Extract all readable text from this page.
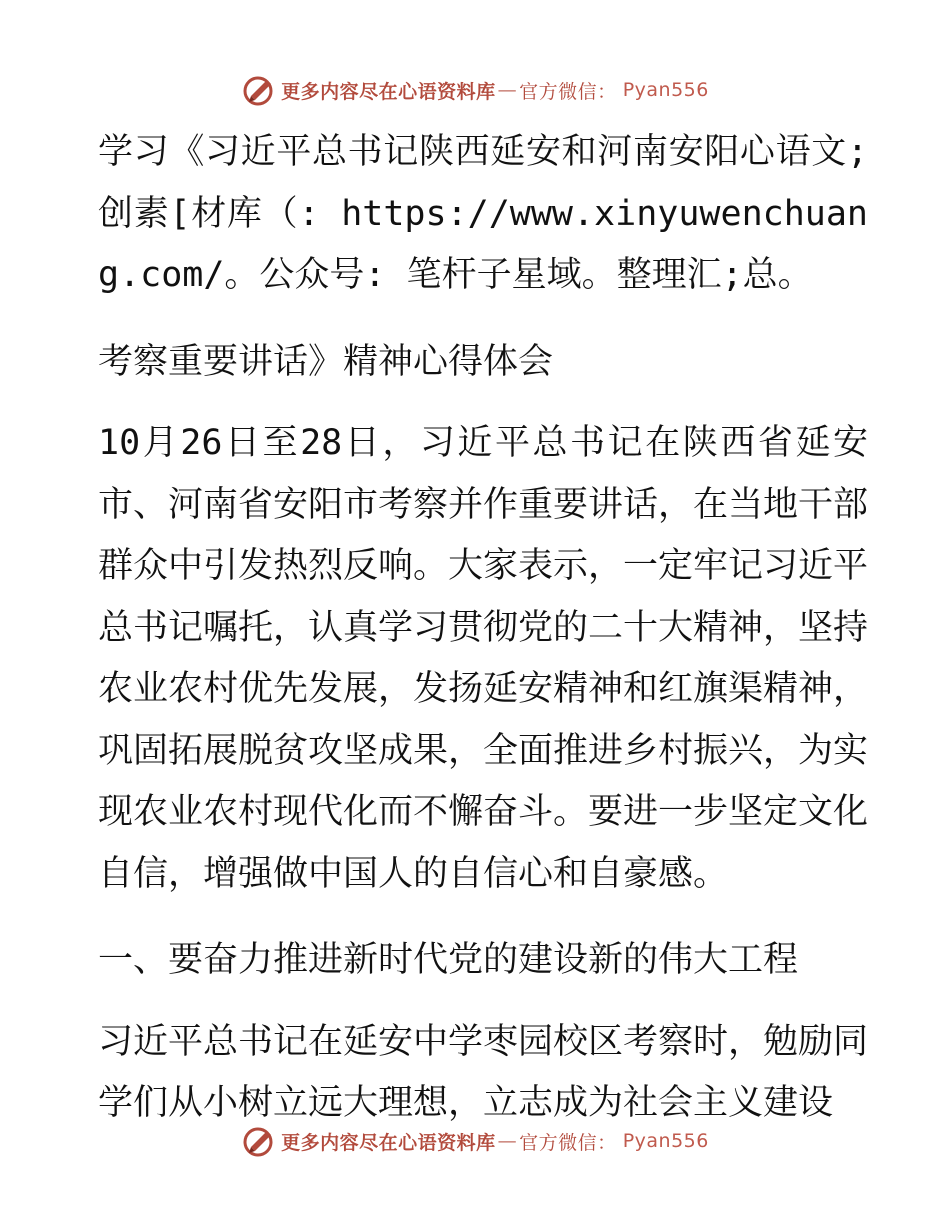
更多内容尽在心语资料库 — 官方微信： Pyan556

学习《习近平总书记陕西延安和河南安阳心语文;创素[材库（: https://www.xinyuwenchuang.com/。公众号: 笔杆子星域。整理汇;总。

考察重要讲话》精神心得体会

10月26日至28日，习近平总书记在陕西省延安市、河南省安阳市考察并作重要讲话，在当地干部群众中引发热烈反响。大家表示，一定牢记习近平总书记嘱托，认真学习贯彻党的二十大精神，坚持农业农村优先发展，发扬延安精神和红旗渠精神，巩固拓展脱贫攻坚成果，全面推进乡村振兴，为实现农业农村现代化而不懈奋斗。要进一步坚定文化自信，增强做中国人的自信心和自豪感。

一、要奋力推进新时代党的建设新的伟大工程

习近平总书记在延安中学枣园校区考察时，勉励同学们从小树立远大理想，立志成为社会主义建设

更多内容尽在心语资料库 — 官方微信： Pyan556
